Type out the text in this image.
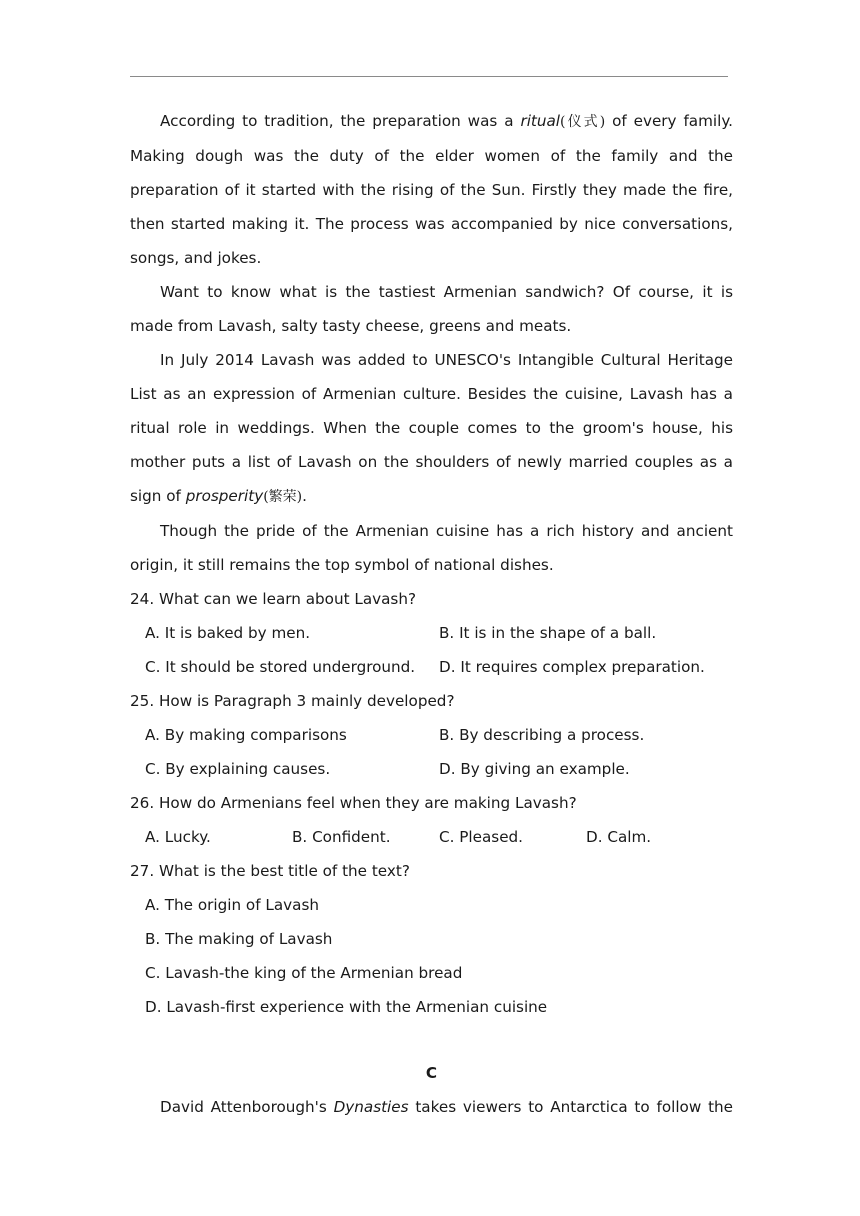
According to tradition, the preparation was a ritual(仪式) of every family. Making dough was the duty of the elder women of the family and the preparation of it started with the rising of the Sun. Firstly they made the fire, then started making it. The process was accompanied by nice conversations, songs, and jokes.

Want to know what is the tastiest Armenian sandwich? Of course, it is made from Lavash, salty tasty cheese, greens and meats.

In July 2014 Lavash was added to UNESCO's Intangible Cultural Heritage List as an expression of Armenian culture. Besides the cuisine, Lavash has a ritual role in weddings. When the couple comes to the groom's house, his mother puts a list of Lavash on the shoulders of newly married couples as a sign of prosperity(繁荣).

Though the pride of the Armenian cuisine has a rich history and ancient origin, it still remains the top symbol of national dishes.

24. What can we learn about Lavash?

A. It is baked by men.	B. It is in the shape of a ball.
C. It should be stored underground.	D. It requires complex preparation.

25. How is Paragraph 3 mainly developed?

A. By making comparisons	B. By describing a process.
C. By explaining causes.	D. By giving an example.

26. How do Armenians feel when they are making Lavash?

A. Lucky.	B. Confident.	C. Pleased.	D. Calm.

27. What is the best title of the text?

A. The origin of Lavash
B. The making of Lavash
C. Lavash-the king of the Armenian bread
D. Lavash-first experience with the Armenian cuisine

C

David Attenborough's Dynasties takes viewers to Antarctica to follow the
